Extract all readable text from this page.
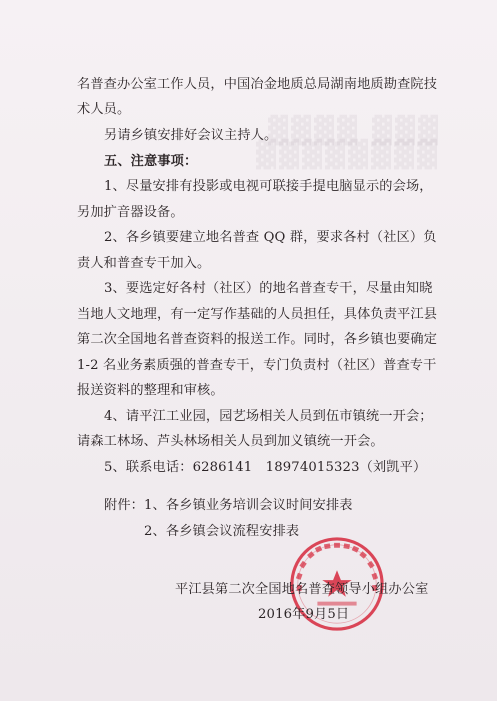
▓▓▓▓ ▓▓▓
▓▓▓▓▓▓▓▓
名普查办公室工作人员，中国冶金地质总局湖南地质勘查院技
术人员。
另请乡镇安排好会议主持人。
五、注意事项：
1、尽量安排有投影或电视可联接手提电脑显示的会场，
另加扩音器设备。
2、各乡镇要建立地名普查 QQ 群，要求各村（社区）负
责人和普查专干加入。
3、要选定好各村（社区）的地名普查专干，尽量由知晓
当地人文地理，有一定写作基础的人员担任，具体负责平江县
第二次全国地名普查资料的报送工作。同时，各乡镇也要确定
1-2 名业务素质强的普查专干，专门负责村（社区）普查专干
报送资料的整理和审核。
4、请平江工业园，园艺场相关人员到伍市镇统一开会；
请森工林场、芦头林场相关人员到加义镇统一开会。
5、联系电话：6286141　18974015323（刘凯平）
附件：1、各乡镇业务培训会议时间安排表
2、各乡镇会议流程安排表
平江县第二次全国地名普查领导小组办公室
2016年9月5日
